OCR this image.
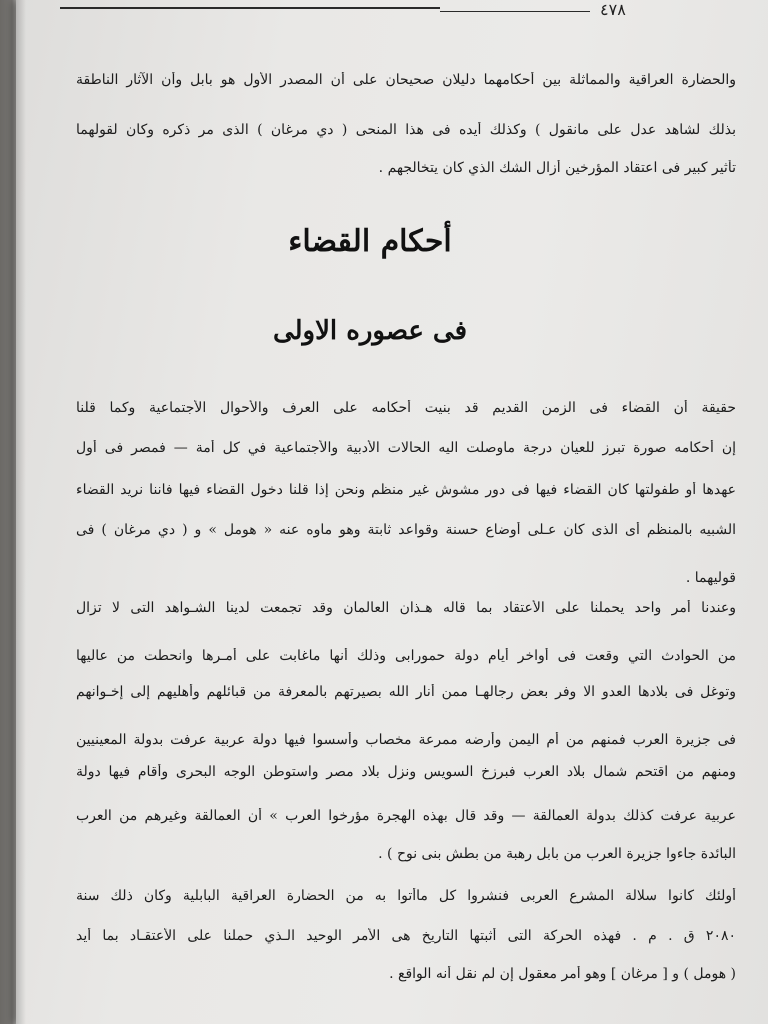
٤٧٨
والحضارة العراقية والمماثلة بين أحكامهما دليلان صحيحان على أن المصدر الأول هو بابل وأن الآثار الناطقة
بذلك لشاهد عدل على مانقول ) وكذلك أيده فى هذا المنحى ( دي مرغان ) الذى مر ذكره وكان لقولهما
تأثير كبير فى اعتقاد المؤرخين أزال الشك الذي كان يتخالجهم .
أحكام القضاء
فى عصوره الاولى
حقيقة أن القضاء فى الزمن القديم قد بنيت أحكامه على العرف والأحوال الأجتماعية وكما قلنا
إن أحكامه صورة تبرز للعيان درجة ماوصلت اليه الحالات الأدبية والأجتماعية في كل أمة — فمصر فى أول
عهدها أو طفولتها كان القضاء فيها فى دور مشوش غير منظم ونحن إذا قلنا دخول القضاء فيها فاننا نريد القضاء
الشبيه بالمنظم أى الذى كان عـلى أوضاع حسنة وقواعد ثابتة وهو ماوه عنه « هومل » و ( دي مرغان ) فى
قوليهما .
وعندنا أمر واحد يحملنا على الأعتقاد بما قاله هـذان العالمان وقد تجمعت لدينا الشـواهد التى لا تزال
من الحوادث التي وقعت فى أواخر أيام دولة حمورابى وذلك أنها ماغابت على أمـرها وانحطت من عاليها
وتوغل فى بلادها العدو الا وفر بعض رجالهـا ممن أنار الله بصيرتهم بالمعرفة من قبائلهم وأهليهم إلى إخـوانهم
فى جزيرة العرب فمنهم من أم اليمن وأرضه ممرعة مخصاب وأسسوا فيها دولة عربية عرفت بدولة المعينيين
ومنهم من اقتحم شمال بلاد العرب فبرزخ السويس ونزل بلاد مصر واستوطن الوجه البحرى وأقام فيها دولة
عربية عرفت كذلك بدولة العمالقة — وقد قال بهذه الهجرة مؤرخوا العرب » أن العمالقة وغيرهم من العرب
البائدة جاءوا جزيرة العرب من بابل رهبة من بطش بنى نوح ) .
أولئك كانوا سلالة المشرع العربى فنشروا كل ماأتوا به من الحضارة العراقية البابلية وكان ذلك سنة
٢٠٨٠ ق . م . فهذه الحركة التى أثبتها التاريخ هى الأمر الوحيد الـذي حملنا على الأعتقـاد بما أيد
( هومل ) و [ مرغان ] وهو أمر معقول إن لم نقل أنه الواقع .
